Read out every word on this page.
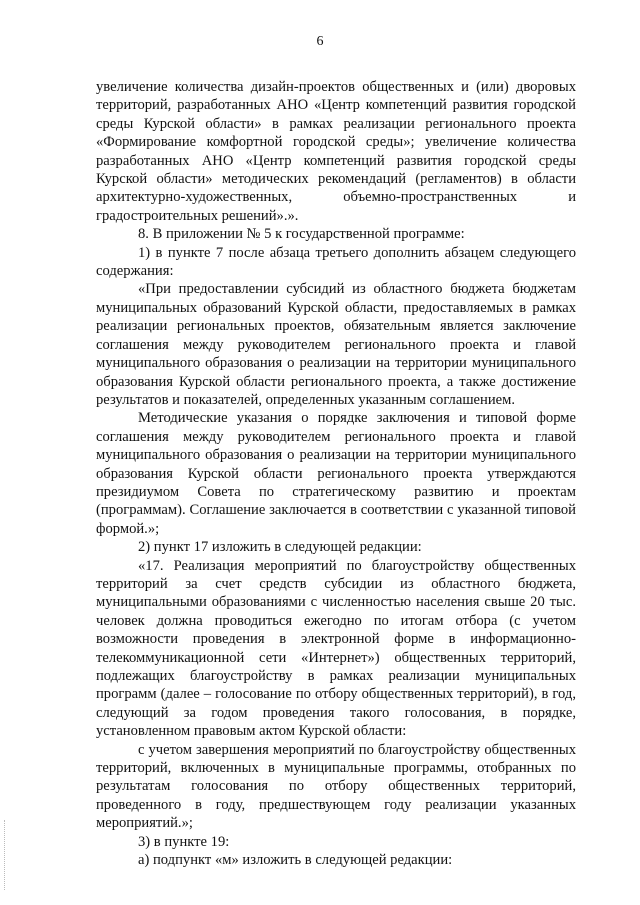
6

увеличение количества дизайн-проектов общественных и (или) дворовых территорий, разработанных АНО «Центр компетенций развития городской среды Курской области» в рамках реализации регионального проекта «Формирование комфортной городской среды»; увеличение количества разработанных АНО «Центр компетенций развития городской среды Курской области» методических рекомендаций (регламентов) в области архитектурно-художественных, объемно-пространственных и градостроительных решений».».

8. В приложении № 5 к государственной программе:

1) в пункте 7 после абзаца третьего дополнить абзацем следующего содержания:

«При предоставлении субсидий из областного бюджета бюджетам муниципальных образований Курской области, предоставляемых в рамках реализации региональных проектов, обязательным является заключение соглашения между руководителем регионального проекта и главой муниципального образования о реализации на территории муниципального образования Курской области регионального проекта, а также достижение результатов и показателей, определенных указанным соглашением.

Методические указания о порядке заключения и типовой форме соглашения между руководителем регионального проекта и главой муниципального образования о реализации на территории муниципального образования Курской области регионального проекта утверждаются президиумом Совета по стратегическому развитию и проектам (программам). Соглашение заключается в соответствии с указанной типовой формой.»;

2) пункт 17 изложить в следующей редакции:

«17. Реализация мероприятий по благоустройству общественных территорий за счет средств субсидии из областного бюджета, муниципальными образованиями с численностью населения свыше 20 тыс. человек должна проводиться ежегодно по итогам отбора (с учетом возможности проведения в электронной форме в информационно-телекоммуникационной сети «Интернет») общественных территорий, подлежащих благоустройству в рамках реализации муниципальных программ (далее – голосование по отбору общественных территорий), в год, следующий за годом проведения такого голосования, в порядке, установленном правовым актом Курской области:

с учетом завершения мероприятий по благоустройству общественных территорий, включенных в муниципальные программы, отобранных по результатам голосования по отбору общественных территорий, проведенного в году, предшествующем году реализации указанных мероприятий.»;

3) в пункте 19:

а) подпункт «м» изложить в следующей редакции:
